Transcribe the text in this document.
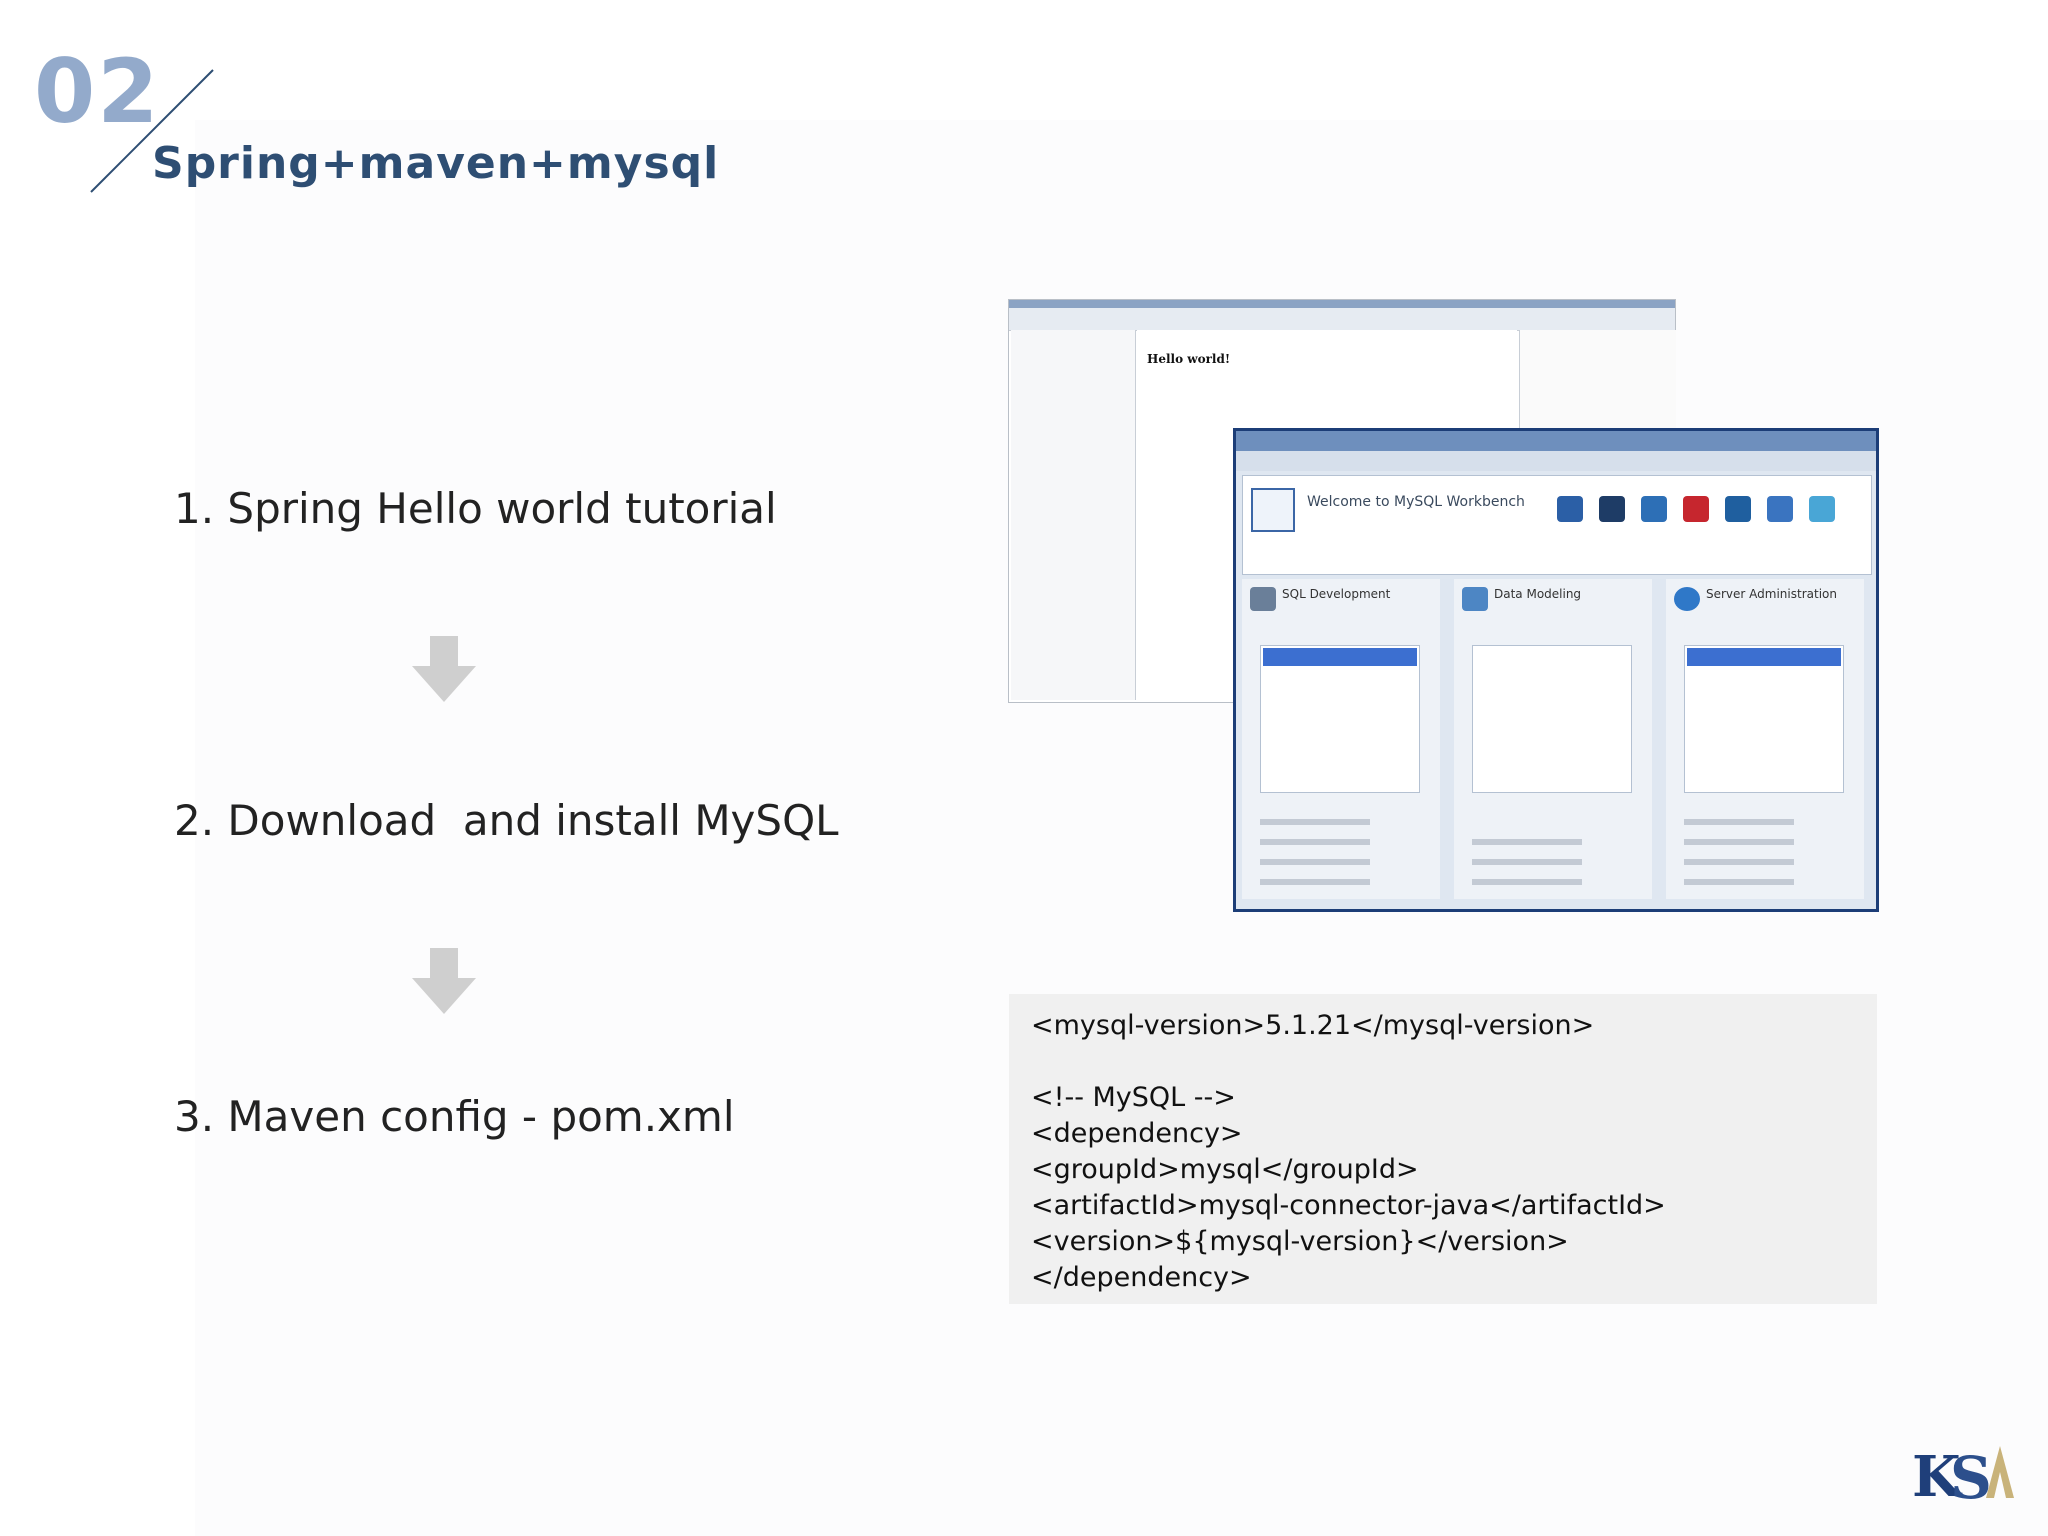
02
Spring+maven+mysql
1. Spring Hello world tutorial
2. Download  and install MySQL
3. Maven config - pom.xml
Hello world!
Welcome to MySQL Workbench
SQL Development	Data Modeling	Server Administration
<mysql-version>5.1.21</mysql-version>
<!-- MySQL -->
<dependency>
<groupId>mysql</groupId>
<artifactId>mysql-connector-java</artifactId>
<version>${mysql-version}</version>
</dependency>
K
S
